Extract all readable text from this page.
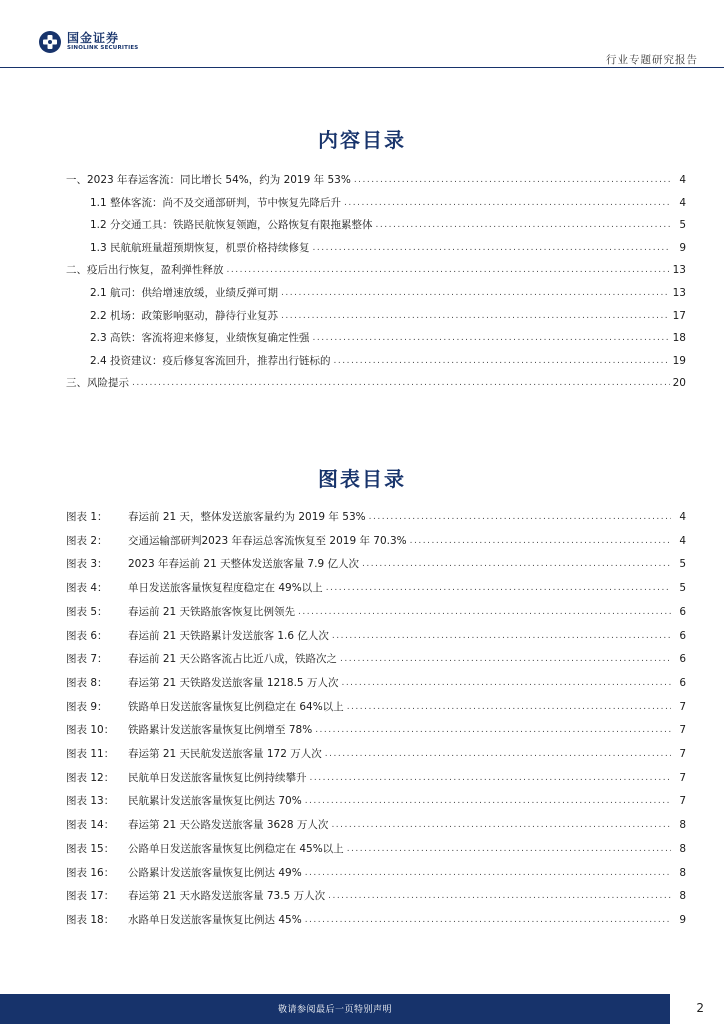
国金证券
SINOLINK SECURITIES
行业专题研究报告
内容目录
一、2023 年春运客流：同比增长 54%，约为 2019 年 53% .....	4
1.1 整体客流：尚不及交通部研判，节中恢复先降后升 .....	4
1.2 分交通工具：铁路民航恢复领跑，公路恢复有限拖累整体 .....	5
1.3 民航航班量超预期恢复，机票价格持续修复 .....	9
二、疫后出行恢复，盈利弹性释放 .....	13
2.1 航司：供给增速放缓，业绩反弹可期 .....	13
2.2 机场：政策影响驱动，静待行业复苏 .....	17
2.3 高铁：客流将迎来修复，业绩恢复确定性强 .....	18
2.4 投资建议：疫后修复客流回升，推荐出行链标的 .....	19
三、风险提示 .....	20
图表目录
图表 1：	春运前 21 天，整体发送旅客量约为 2019 年 53% .....	4
图表 2：	交通运输部研判2023 年春运总客流恢复至 2019 年 70.3% .....	4
图表 3：	2023 年春运前 21 天整体发送旅客量 7.9 亿人次 .....	5
图表 4：	单日发送旅客量恢复程度稳定在 49%以上 .....	5
图表 5：	春运前 21 天铁路旅客恢复比例领先 .....	6
图表 6：	春运前 21 天铁路累计发送旅客 1.6 亿人次 .....	6
图表 7：	春运前 21 天公路客流占比近八成，铁路次之 .....	6
图表 8：	春运第 21 天铁路发送旅客量 1218.5 万人次 .....	6
图表 9：	铁路单日发送旅客量恢复比例稳定在 64%以上 .....	7
图表 10：	铁路累计发送旅客量恢复比例增至 78% .....	7
图表 11：	春运第 21 天民航发送旅客量 172 万人次 .....	7
图表 12：	民航单日发送旅客量恢复比例持续攀升 .....	7
图表 13：	民航累计发送旅客量恢复比例达 70% .....	7
图表 14：	春运第 21 天公路发送旅客量 3628 万人次 .....	8
图表 15：	公路单日发送旅客量恢复比例稳定在 45%以上 .....	8
图表 16：	公路累计发送旅客量恢复比例达 49% .....	8
图表 17：	春运第 21 天水路发送旅客量 73.5 万人次 .....	8
图表 18：	水路单日发送旅客量恢复比例达 45% .....	9
敬请参阅最后一页特别声明	2
